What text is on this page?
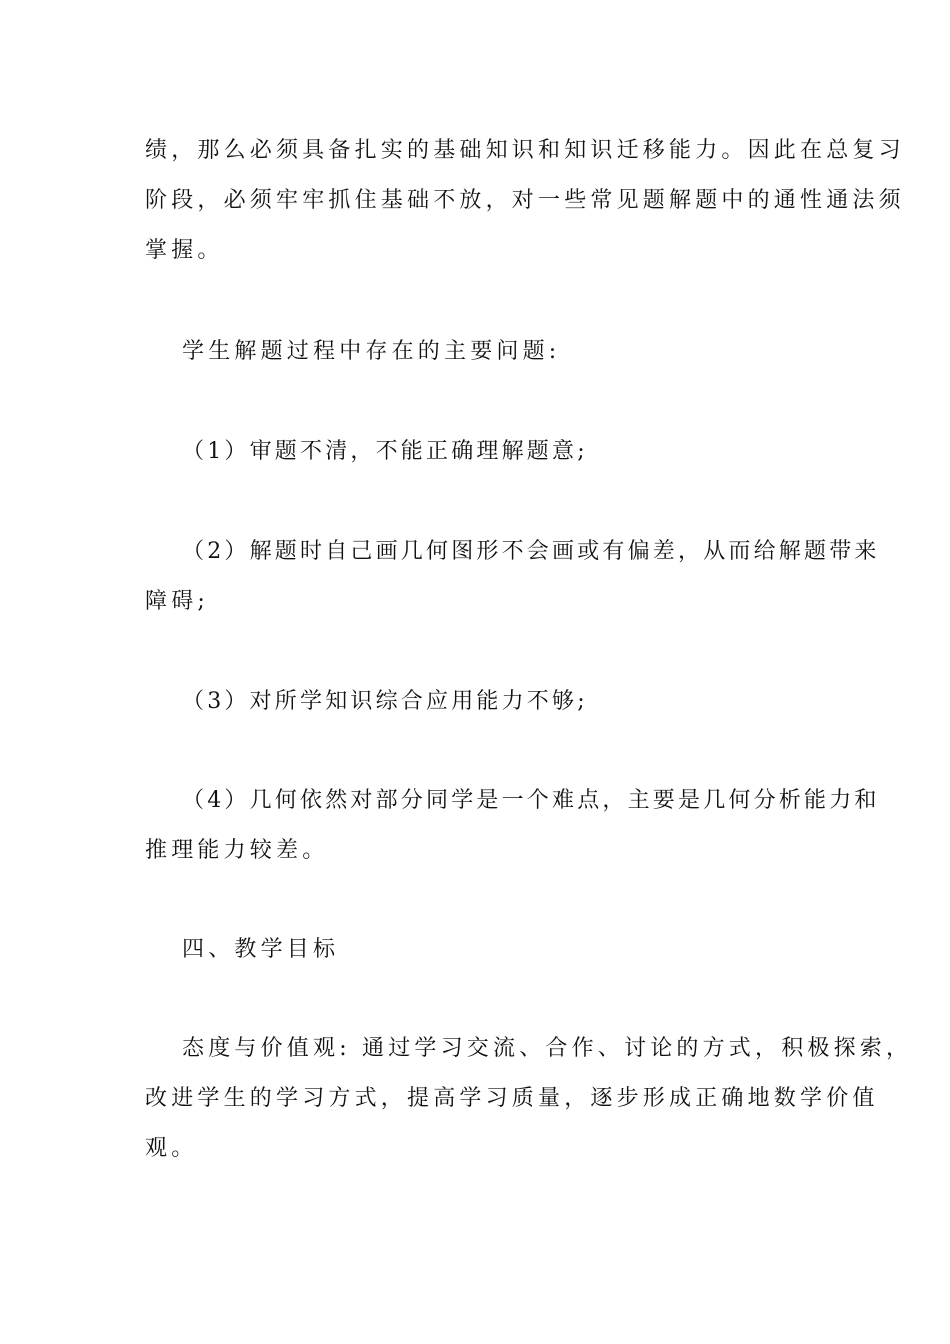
绩，那么必须具备扎实的基础知识和知识迁移能力。因此在总复习
阶段，必须牢牢抓住基础不放，对一些常见题解题中的通性通法须
掌握。
学生解题过程中存在的主要问题:
（1）审题不清，不能正确理解题意;
（2）解题时自己画几何图形不会画或有偏差，从而给解题带来
障碍;
（3）对所学知识综合应用能力不够;
（4）几何依然对部分同学是一个难点，主要是几何分析能力和
推理能力较差。
四、教学目标
态度与价值观: 通过学习交流、合作、讨论的方式，积极探索，
改进学生的学习方式，提高学习质量，逐步形成正确地数学价值
观。
